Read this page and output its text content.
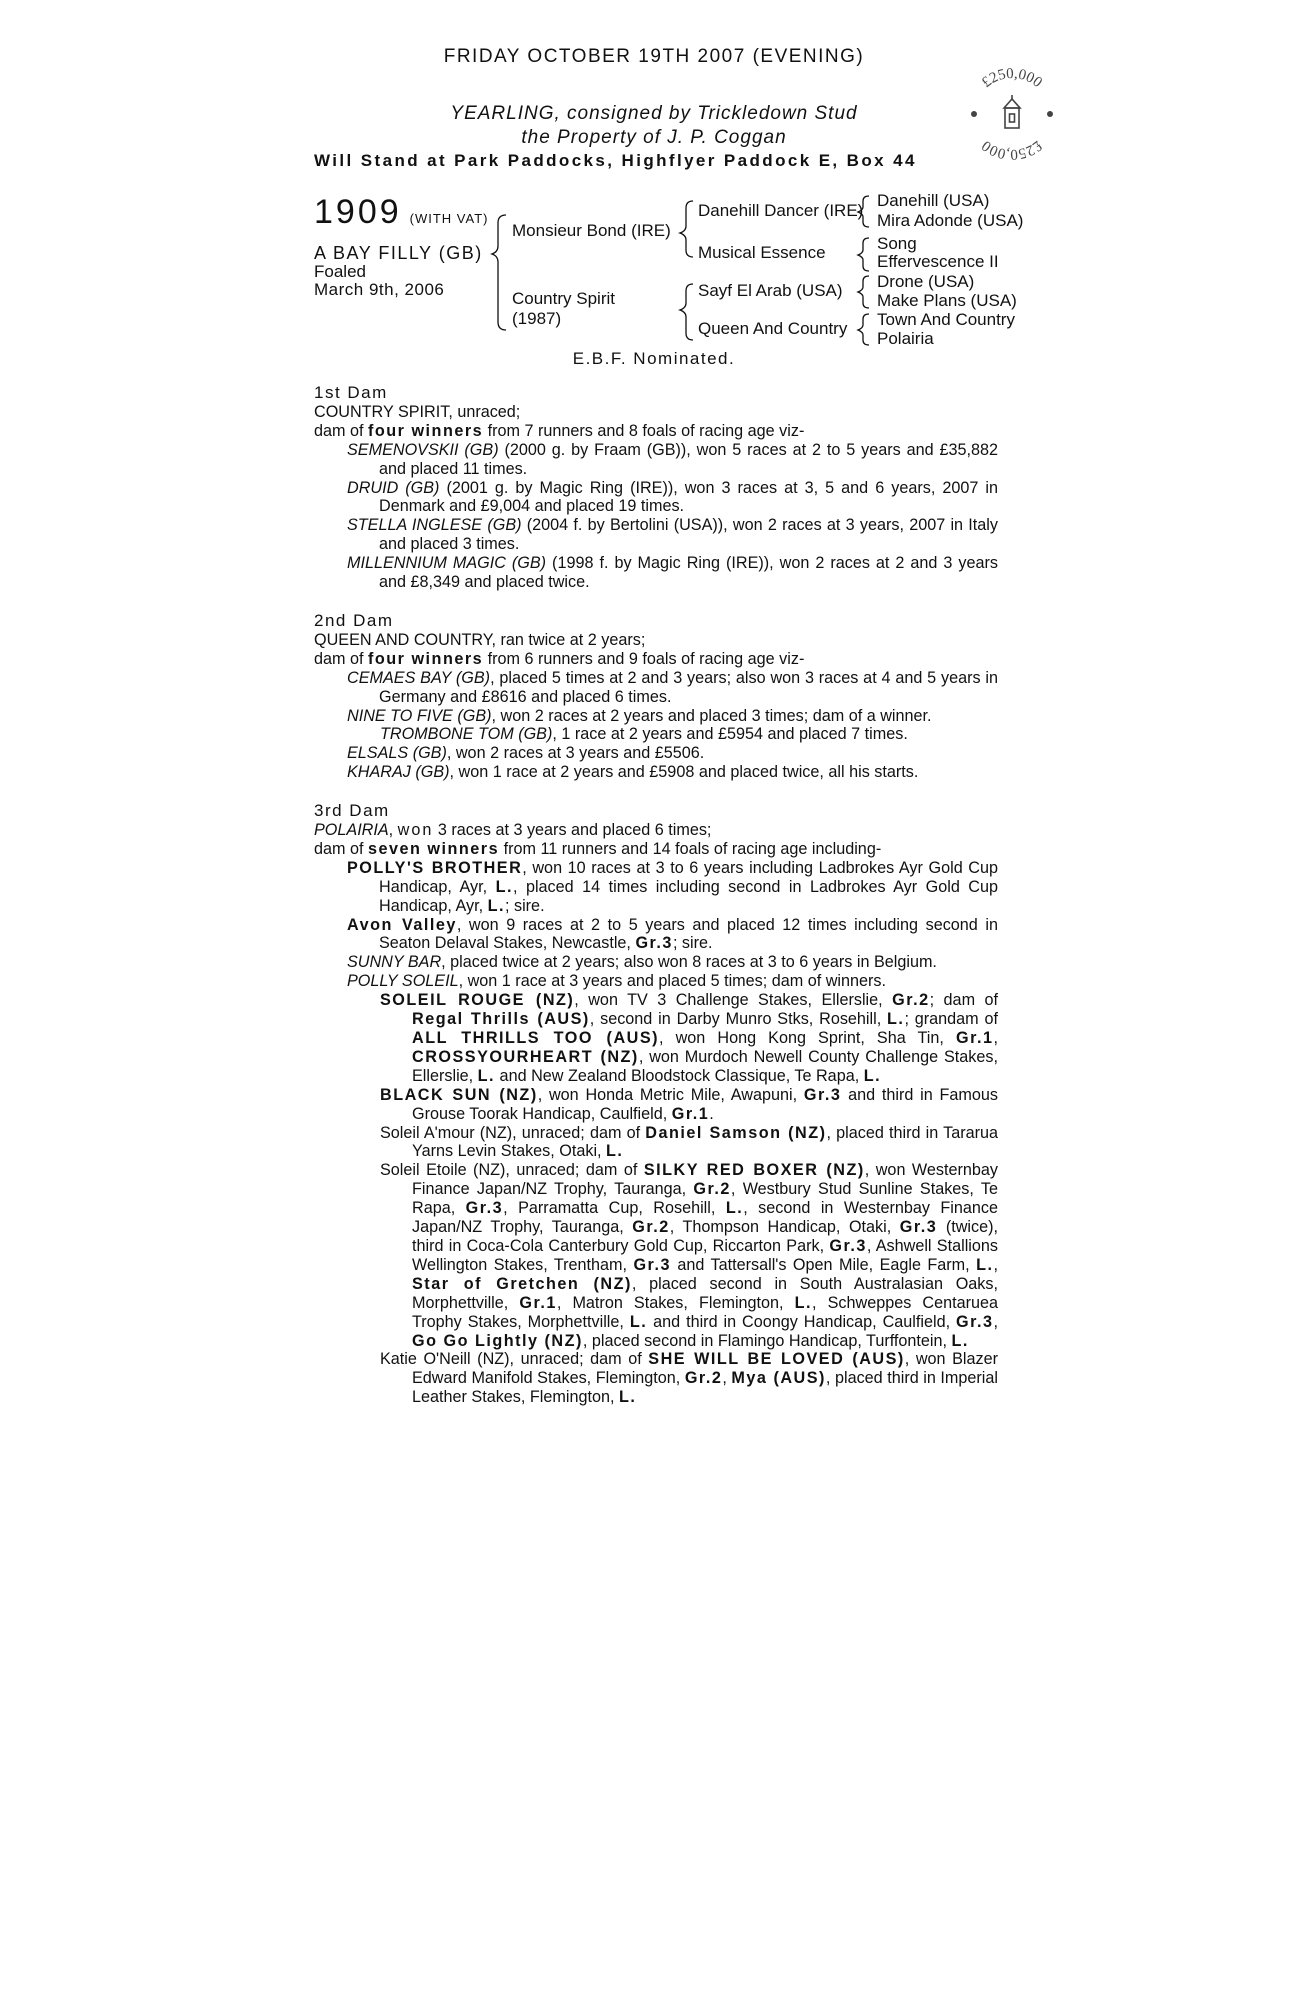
FRIDAY OCTOBER 19TH 2007 (EVENING)
YEARLING, consigned by Trickledown Stud
the Property of J. P. Coggan
Will Stand at Park Paddocks, Highflyer Paddock E, Box 44
£250,000
£250,000
1909 (WITH VAT)
A BAY FILLY (GB)
Foaled
March 9th, 2006
Monsieur Bond (IRE)
Country Spirit
(1987)
Danehill Dancer (IRE)
Musical Essence
Sayf El Arab (USA)
Queen And Country
Danehill (USA)
Mira Adonde (USA)
Song
Effervescence II
Drone (USA)
Make Plans (USA)
Town And Country
Polairia
E.B.F. Nominated.
1st Dam
COUNTRY SPIRIT, unraced;
dam of four winners from 7 runners and 8 foals of racing age viz-
SEMENOVSKII (GB) (2000 g. by Fraam (GB)), won 5 races at 2 to 5 years and £35,882 and placed 11 times.
DRUID (GB) (2001 g. by Magic Ring (IRE)), won 3 races at 3, 5 and 6 years, 2007 in Denmark and £9,004 and placed 19 times.
STELLA INGLESE (GB) (2004 f. by Bertolini (USA)), won 2 races at 3 years, 2007 in Italy and placed 3 times.
MILLENNIUM MAGIC (GB) (1998 f. by Magic Ring (IRE)), won 2 races at 2 and 3 years and £8,349 and placed twice.
2nd Dam
QUEEN AND COUNTRY, ran twice at 2 years;
dam of four winners from 6 runners and 9 foals of racing age viz-
CEMAES BAY (GB), placed 5 times at 2 and 3 years; also won 3 races at 4 and 5 years in Germany and £8616 and placed 6 times.
NINE TO FIVE (GB), won 2 races at 2 years and placed 3 times; dam of a winner.
TROMBONE TOM (GB), 1 race at 2 years and £5954 and placed 7 times.
ELSALS (GB), won 2 races at 3 years and £5506.
KHARAJ (GB), won 1 race at 2 years and £5908 and placed twice, all his starts.
3rd Dam
POLAIRIA, won 3 races at 3 years and placed 6 times;
dam of seven winners from 11 runners and 14 foals of racing age including-
POLLY'S BROTHER, won 10 races at 3 to 6 years including Ladbrokes Ayr Gold Cup Handicap, Ayr, L., placed 14 times including second in Ladbrokes Ayr Gold Cup Handicap, Ayr, L.; sire.
Avon Valley, won 9 races at 2 to 5 years and placed 12 times including second in Seaton Delaval Stakes, Newcastle, Gr.3; sire.
SUNNY BAR, placed twice at 2 years; also won 8 races at 3 to 6 years in Belgium.
POLLY SOLEIL, won 1 race at 3 years and placed 5 times; dam of winners.
SOLEIL ROUGE (NZ), won TV 3 Challenge Stakes, Ellerslie, Gr.2; dam of Regal Thrills (AUS), second in Darby Munro Stks, Rosehill, L.; grandam of ALL THRILLS TOO (AUS), won Hong Kong Sprint, Sha Tin, Gr.1, CROSSYOURHEART (NZ), won Murdoch Newell County Challenge Stakes, Ellerslie, L. and New Zealand Bloodstock Classique, Te Rapa, L.
BLACK SUN (NZ), won Honda Metric Mile, Awapuni, Gr.3 and third in Famous Grouse Toorak Handicap, Caulfield, Gr.1.
Soleil A'mour (NZ), unraced; dam of Daniel Samson (NZ), placed third in Tararua Yarns Levin Stakes, Otaki, L.
Soleil Etoile (NZ), unraced; dam of SILKY RED BOXER (NZ), won Westernbay Finance Japan/NZ Trophy, Tauranga, Gr.2, Westbury Stud Sunline Stakes, Te Rapa, Gr.3, Parramatta Cup, Rosehill, L., second in Westernbay Finance Japan/NZ Trophy, Tauranga, Gr.2, Thompson Handicap, Otaki, Gr.3 (twice), third in Coca-Cola Canterbury Gold Cup, Riccarton Park, Gr.3, Ashwell Stallions Wellington Stakes, Trentham, Gr.3 and Tattersall's Open Mile, Eagle Farm, L., Star of Gretchen (NZ), placed second in South Australasian Oaks, Morphettville, Gr.1, Matron Stakes, Flemington, L., Schweppes Centaruea Trophy Stakes, Morphettville, L. and third in Coongy Handicap, Caulfield, Gr.3, Go Go Lightly (NZ), placed second in Flamingo Handicap, Turffontein, L.
Katie O'Neill (NZ), unraced; dam of SHE WILL BE LOVED (AUS), won Blazer Edward Manifold Stakes, Flemington, Gr.2, Mya (AUS), placed third in Imperial Leather Stakes, Flemington, L.
